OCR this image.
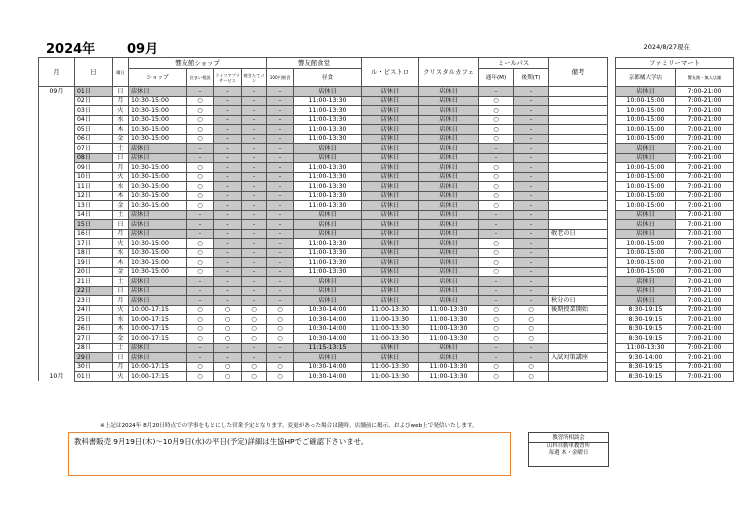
2024年 09月	2024/8/27現在
月	日	曜日	響友館ショップ				響友館食堂		ル・ビストロ	クリスタルカフェ	ミールパス		備考		ファミリーマート	
			ショップ	住まい相談	ライフアプリサービス	焼きたてパン	100円朝食	昼食			通年(M)	後期(T)			京都橘大学店	響友館・無人店舗
09月	01日	日	店休日	-	-	-	-	店休日	店休日	店休日	-	-			店休日	7:00-21:00
	02日	月	10:30-15:00	○	-	-	-	11:00-13:30	店休日	店休日	○	-			10:00-15:00	7:00-21:00
	03日	火	10:30-15:00	○	-	-	-	11:00-13:30	店休日	店休日	○	-			10:00-15:00	7:00-21:00
	04日	水	10:30-15:00	○	-	-	-	11:00-13:30	店休日	店休日	○	-			10:00-15:00	7:00-21:00
	05日	木	10:30-15:00	○	-	-	-	11:00-13:30	店休日	店休日	○	-			10:00-15:00	7:00-21:00
	06日	金	10:30-15:00	○	-	-	-	11:00-13:30	店休日	店休日	○	-			10:00-15:00	7:00-21:00
	07日	土	店休日	-	-	-	-	店休日	店休日	店休日	-	-			店休日	7:00-21:00
	08日	日	店休日	-	-	-	-	店休日	店休日	店休日	-	-			店休日	7:00-21:00
	09日	月	10:30-15:00	○	-	-	-	11:00-13:30	店休日	店休日	○	-			10:00-15:00	7:00-21:00
	10日	火	10:30-15:00	○	-	-	-	11:00-13:30	店休日	店休日	○	-			10:00-15:00	7:00-21:00
	11日	水	10:30-15:00	○	-	-	-	11:00-13:30	店休日	店休日	○	-			10:00-15:00	7:00-21:00
	12日	木	10:30-15:00	○	-	-	-	11:00-13:30	店休日	店休日	○	-			10:00-15:00	7:00-21:00
	13日	金	10:30-15:00	○	-	-	-	11:00-13:30	店休日	店休日	○	-			10:00-15:00	7:00-21:00
	14日	土	店休日	-	-	-	-	店休日	店休日	店休日	-	-			店休日	7:00-21:00
	15日	日	店休日	-	-	-	-	店休日	店休日	店休日	-	-			店休日	7:00-21:00
	16日	月	店休日	-	-	-	-	店休日	店休日	店休日	-	-	敬老の日		店休日	7:00-21:00
	17日	火	10:30-15:00	○	-	-	-	11:00-13:30	店休日	店休日	○	-			10:00-15:00	7:00-21:00
	18日	水	10:30-15:00	○	-	-	-	11:00-13:30	店休日	店休日	○	-			10:00-15:00	7:00-21:00
	19日	木	10:30-15:00	○	-	-	-	11:00-13:30	店休日	店休日	○	-			10:00-15:00	7:00-21:00
	20日	金	10:30-15:00	○	-	-	-	11:00-13:30	店休日	店休日	○	-			10:00-15:00	7:00-21:00
	21日	土	店休日	-	-	-	-	店休日	店休日	店休日	-	-			店休日	7:00-21:00
	22日	日	店休日	-	-	-	-	店休日	店休日	店休日	-	-			店休日	7:00-21:00
	23日	月	店休日	-	-	-	-	店休日	店休日	店休日	-	-	秋分の日		店休日	7:00-21:00
	24日	火	10:00-17:15	○	○	○	○	10:30-14:00	11:00-13:30	11:00-13:30	○	○	後期授業開始		8:30-19:15	7:00-21:00
	25日	水	10:00-17:15	○	○	○	○	10:30-14:00	11:00-13:30	11:00-13:30	○	○			8:30-19:15	7:00-21:00
	26日	木	10:00-17:15	○	○	○	○	10:30-14:00	11:00-13:30	11:00-13:30	○	○			8:30-19:15	7:00-21:00
	27日	金	10:00-17:15	○	○	○	○	10:30-14:00	11:00-13:30	11:00-13:30	○	○			8:30-19:15	7:00-21:00
	28日	土	店休日	-	-	-	-	11:15-13:15	店休日	店休日	-	-			11:00-13:30	7:00-21:00
	29日	日	店休日	-	-	-	-	店休日	店休日	店休日	-	-	入試対策講座		9:30-14:00	7:00-21:00
	30日	月	10:00-17:15	○	○	○	○	10:30-14:00	11:00-13:30	11:00-13:30	○	○			8:30-19:15	7:00-21:00
10月	01日	火	10:00-17:15	○	○	○	○	10:30-14:00	11:00-13:30	11:00-13:30	○	○			8:30-19:15	7:00-21:00
※上記は2024年 8月20日時点での学事をもとにした営業予定となります。変更があった場合は随時、店舗前に掲示、およびweb上で発信いたします。
教科書販売 9月19日(木)～10月9日(水)の平日(予定)詳細は生協HPでご確認下さいませ。	教習所相談会
山科自動車教習所
毎週 木・金曜日
